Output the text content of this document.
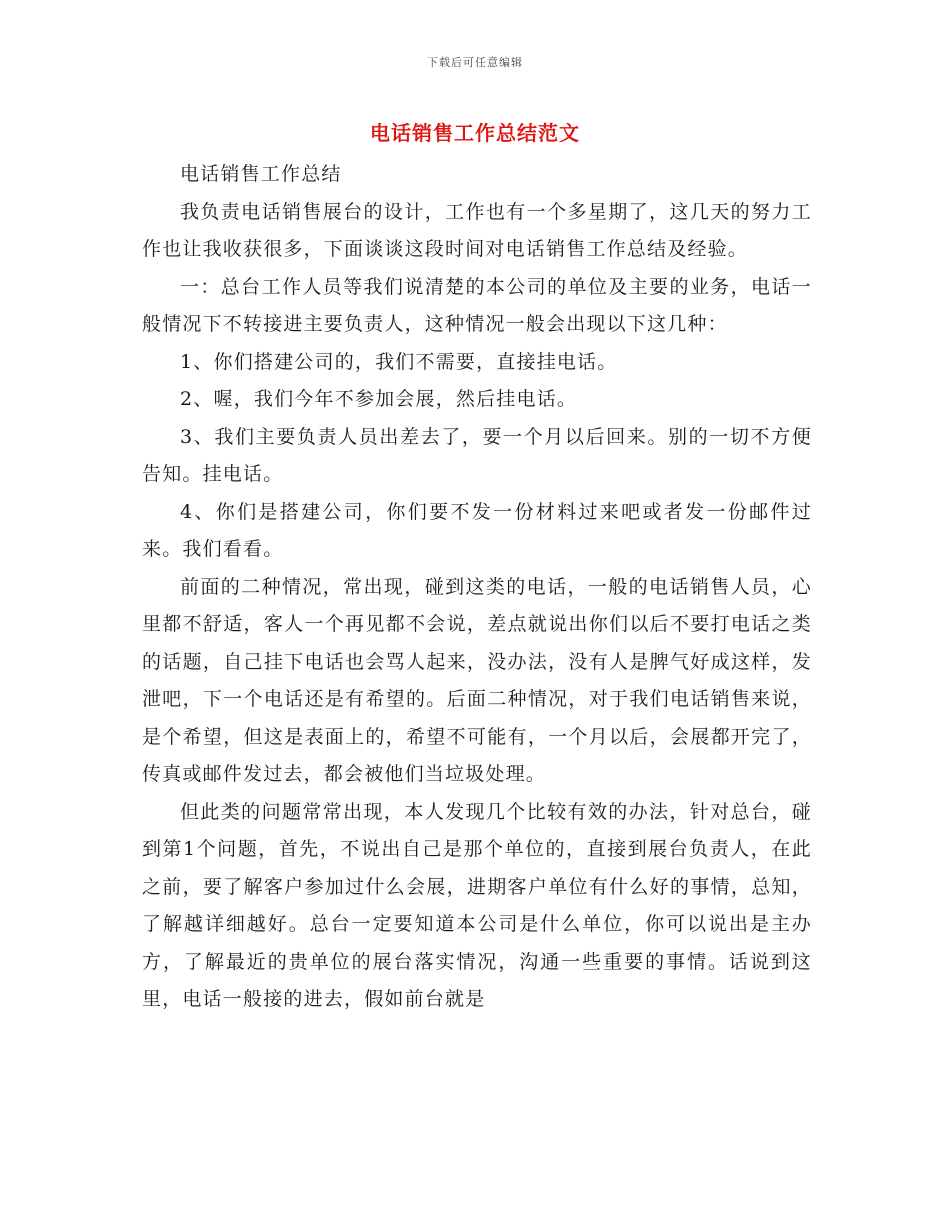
下载后可任意编辑
电话销售工作总结范文

电话销售工作总结

我负责电话销售展台的设计，工作也有一个多星期了，这几天的努力工作也让我收获很多，下面谈谈这段时间对电话销售工作总结及经验。

一：总台工作人员等我们说清楚的本公司的单位及主要的业务，电话一般情况下不转接进主要负责人，这种情况一般会出现以下这几种：

1、你们搭建公司的，我们不需要，直接挂电话。

2、喔，我们今年不参加会展，然后挂电话。

3、我们主要负责人员出差去了，要一个月以后回来。别的一切不方便告知。挂电话。

4、你们是搭建公司，你们要不发一份材料过来吧或者发一份邮件过来。我们看看。

前面的二种情况，常出现，碰到这类的电话，一般的电话销售人员，心里都不舒适，客人一个再见都不会说，差点就说出你们以后不要打电话之类的话题，自己挂下电话也会骂人起来，没办法，没有人是脾气好成这样，发泄吧，下一个电话还是有希望的。后面二种情况，对于我们电话销售来说，是个希望，但这是表面上的，希望不可能有，一个月以后，会展都开完了，传真或邮件发过去，都会被他们当垃圾处理。

但此类的问题常常出现，本人发现几个比较有效的办法，针对总台，碰到第1个问题，首先，不说出自己是那个单位的，直接到展台负责人，在此之前，要了解客户参加过什么会展，进期客户单位有什么好的事情，总知，了解越详细越好。总台一定要知道本公司是什么单位，你可以说出是主办方，了解最近的贵单位的展台落实情况，沟通一些重要的事情。话说到这里，电话一般接的进去，假如前台就是
